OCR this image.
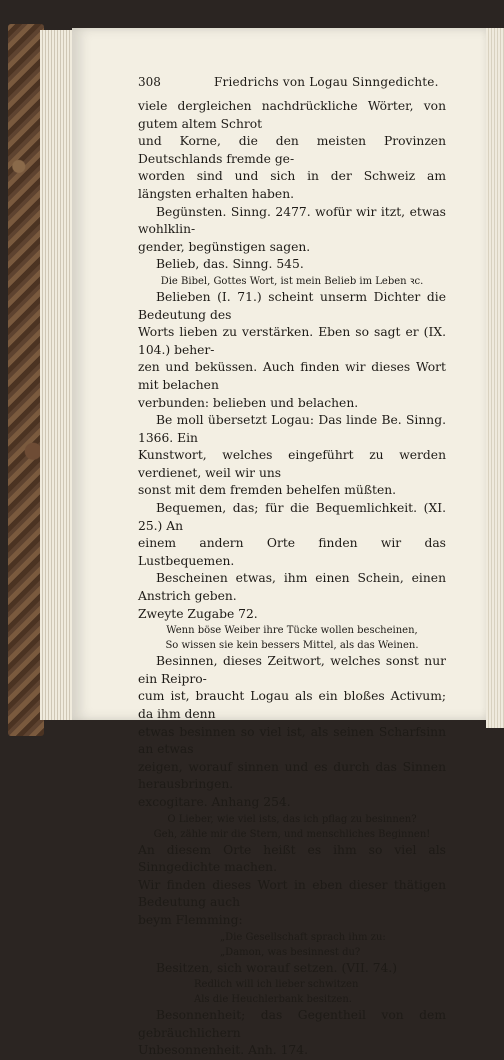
308	Friedrichs von Logau Sinngedichte.

viele dergleichen nachdrückliche Wörter, von gutem altem Schrot

und Korne, die den meisten Provinzen Deutschlands fremde ge-

worden sind und sich in der Schweiz am längsten erhalten haben.

Begünsten. Sinng. 2477. wofür wir itzt, etwas wohlklin-

gender, begünstigen sagen.

Belieb, das. Sinng. 545.

Die Bibel, Gottes Wort, ist mein Belieb im Leben ꝛc.

Belieben (I. 71.) scheint unserm Dichter die Bedeutung des

Worts lieben zu verstärken. Eben so sagt er (IX. 104.) beher-

zen und beküssen. Auch finden wir dieses Wort mit belachen

verbunden: belieben und belachen.

Be moll übersetzt Logau: Das linde Be. Sinng. 1366. Ein

Kunstwort, welches eingeführt zu werden verdienet, weil wir uns

sonst mit dem fremden behelfen müßten.

Bequemen, das; für die Bequemlichkeit. (XI. 25.) An

einem andern Orte finden wir das Lustbequemen.

Bescheinen etwas, ihm einen Schein, einen Anstrich geben.

Zweyte Zugabe 72.

Wenn böse Weiber ihre Tücke wollen bescheinen,

So wissen sie kein bessers Mittel, als das Weinen.

Besinnen, dieses Zeitwort, welches sonst nur ein Reipro-

cum ist, braucht Logau als ein bloßes Activum; da ihm denn

etwas besinnen so viel ist, als seinen Scharfsinn an etwas

zeigen, worauf sinnen und es durch das Sinnen herausbringen.

excogitare. Anhang 254.

O Lieber, wie viel ists, das ich pflag zu besinnen?

Geh, zähle mir die Stern, und menschliches Beginnen!

An diesem Orte heißt es ihm so viel als Sinngedichte machen.

Wir finden dieses Wort in eben dieser thätigen Bedeutung auch

beym Flemming:

„Die Gesellschaft sprach ihm zu:

„Damon, was besinnest du?

Besitzen, sich worauf setzen. (VII. 74.)

Redlich will ich lieber schwitzen

Als die Heuchlerbank besitzen.

Besonnenheit; das Gegentheil von dem gebräuchlichern

Unbesonnenheit. Anh. 174.
